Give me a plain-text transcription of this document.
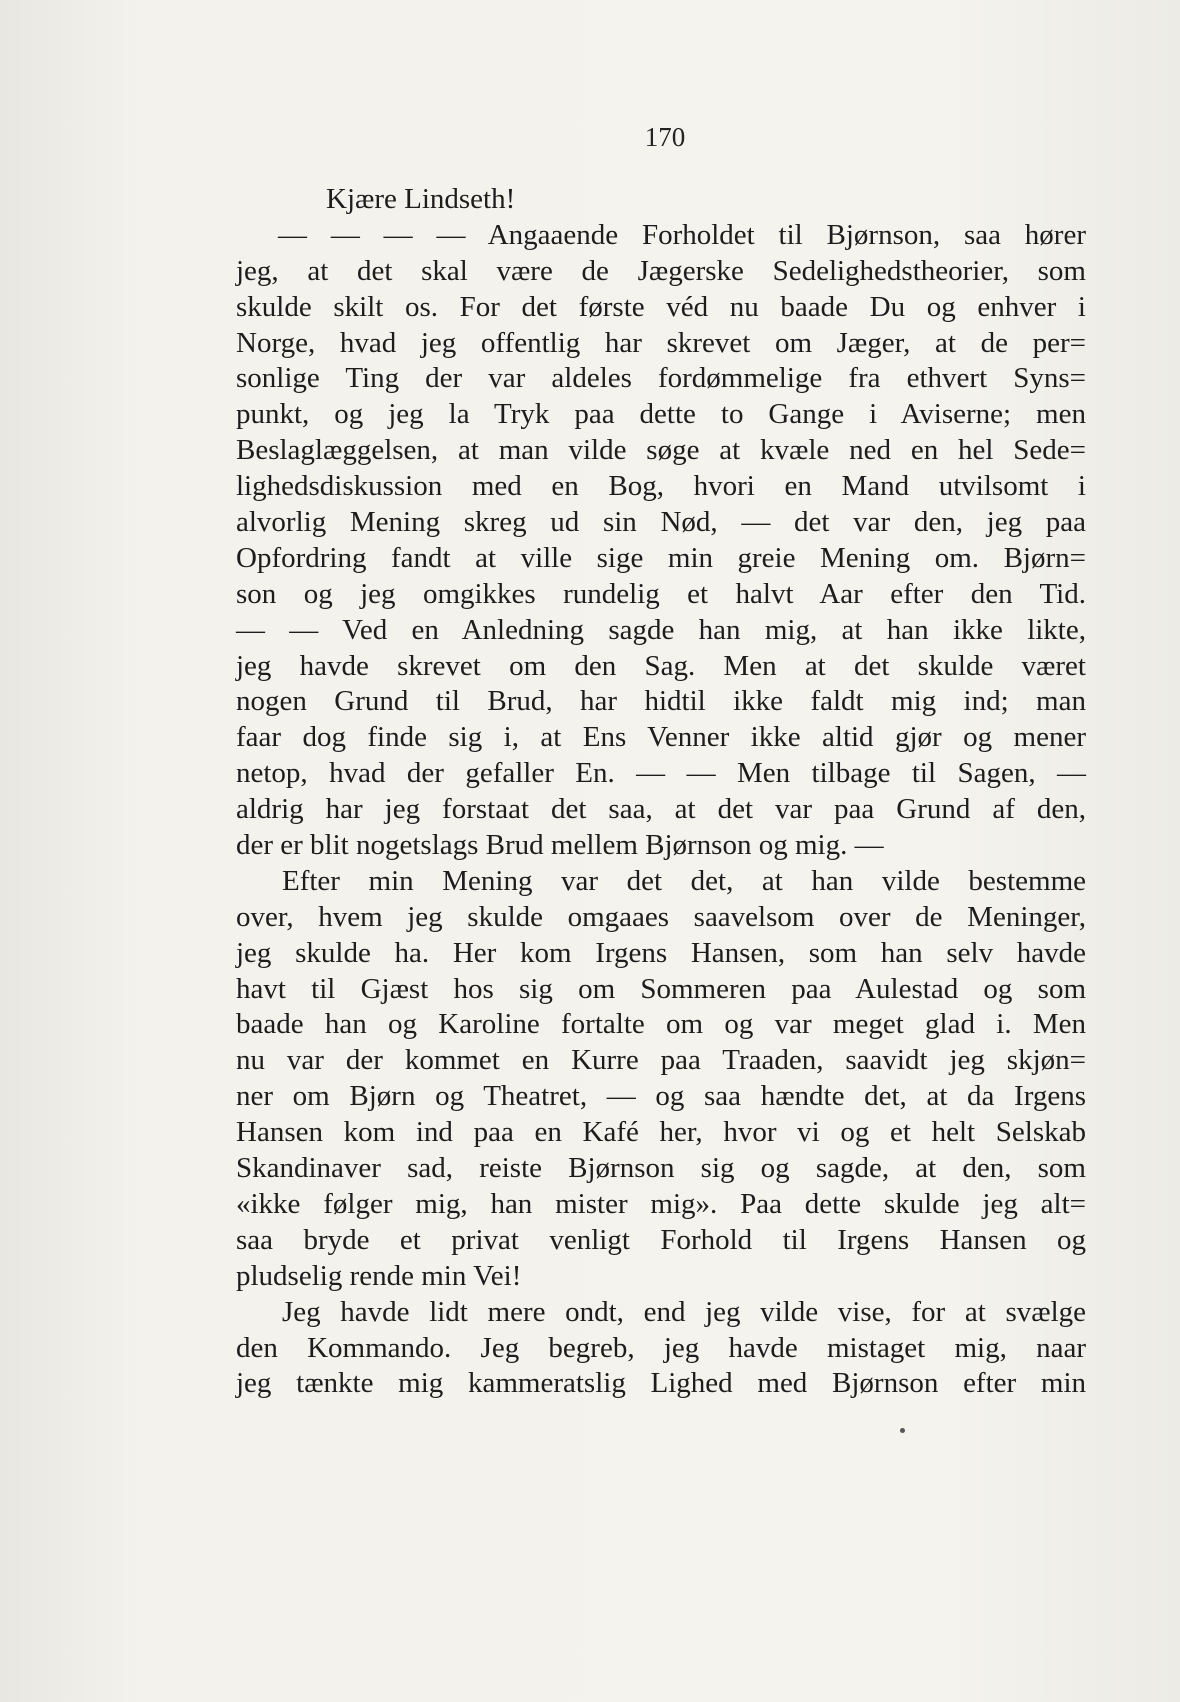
170
Kjære Lindseth!
— — — — Angaaende Forholdet til Bjørnson, saa hører
jeg, at det skal være de Jægerske Sedelighedstheorier, som
skulde skilt os. For det første véd nu baade Du og enhver i
Norge, hvad jeg offentlig har skrevet om Jæger, at de per=
sonlige Ting der var aldeles fordømmelige fra ethvert Syns=
punkt, og jeg la Tryk paa dette to Gange i Aviserne; men
Beslaglæggelsen, at man vilde søge at kvæle ned en hel Sede=
lighedsdiskussion med en Bog, hvori en Mand utvilsomt i
alvorlig Mening skreg ud sin Nød, — det var den, jeg paa
Opfordring fandt at ville sige min greie Mening om. Bjørn=
son og jeg omgikkes rundelig et halvt Aar efter den Tid.
— — Ved en Anledning sagde han mig, at han ikke likte,
jeg havde skrevet om den Sag. Men at det skulde været
nogen Grund til Brud, har hidtil ikke faldt mig ind; man
faar dog finde sig i, at Ens Venner ikke altid gjør og mener
netop, hvad der gefaller En. — — Men tilbage til Sagen, —
aldrig har jeg forstaat det saa, at det var paa Grund af den,
der er blit nogetslags Brud mellem Bjørnson og mig. —
Efter min Mening var det det, at han vilde bestemme
over, hvem jeg skulde omgaaes saavelsom over de Meninger,
jeg skulde ha. Her kom Irgens Hansen, som han selv havde
havt til Gjæst hos sig om Sommeren paa Aulestad og som
baade han og Karoline fortalte om og var meget glad i. Men
nu var der kommet en Kurre paa Traaden, saavidt jeg skjøn=
ner om Bjørn og Theatret, — og saa hændte det, at da Irgens
Hansen kom ind paa en Kafé her, hvor vi og et helt Selskab
Skandinaver sad, reiste Bjørnson sig og sagde, at den, som
«ikke følger mig, han mister mig». Paa dette skulde jeg alt=
saa bryde et privat venligt Forhold til Irgens Hansen og
pludselig rende min Vei!
Jeg havde lidt mere ondt, end jeg vilde vise, for at svælge
den Kommando. Jeg begreb, jeg havde mistaget mig, naar
jeg tænkte mig kammeratslig Lighed med Bjørnson efter min
